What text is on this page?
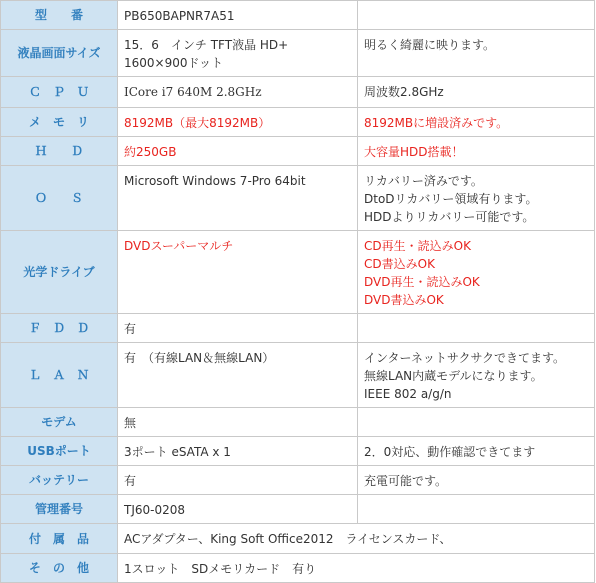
型　　番	PB650BAPNR7A51	

液晶画面サイズ	15．6　インチ TFT液晶 HD+
1600×900ドット	明るく綺麗に映ります。

Ｃ　Ｐ　Ｕ	ICore i7 640M 2.8GHz	周波数2.8GHz

メ　モ　リ	8192MB（最大8192MB）	8192MBに増設済みです。

Ｈ　　Ｄ	約250GB	大容量HDD搭載！

Ｏ　　Ｓ	Microsoft Windows 7-Pro 64bit	リカバリー済みです。
DtoDリカバリー領域有ります。
HDDよりリカバリー可能です。

光学ドライブ	DVDスーパーマルチ	CD再生・読込みOK
CD書込みOK
DVD再生・読込みOK
DVD書込みOK

Ｆ　Ｄ　Ｄ	有	

Ｌ　Ａ　Ｎ	有　（有線LAN＆無線LAN）	インターネットサクサクできてます。
無線LAN内蔵モデルになります。
IEEE 802 a/g/n

モデム	無	

USBポート	3ポート eSATA x 1	2．0対応、動作確認できてます

バッテリー	有	充電可能です。

管理番号	TJ60-0208	

付　属　品	ACアダプター、King Soft Office2012　ライセンスカード、	

そ　の　他	1スロット　SDメモリカード　有り	
